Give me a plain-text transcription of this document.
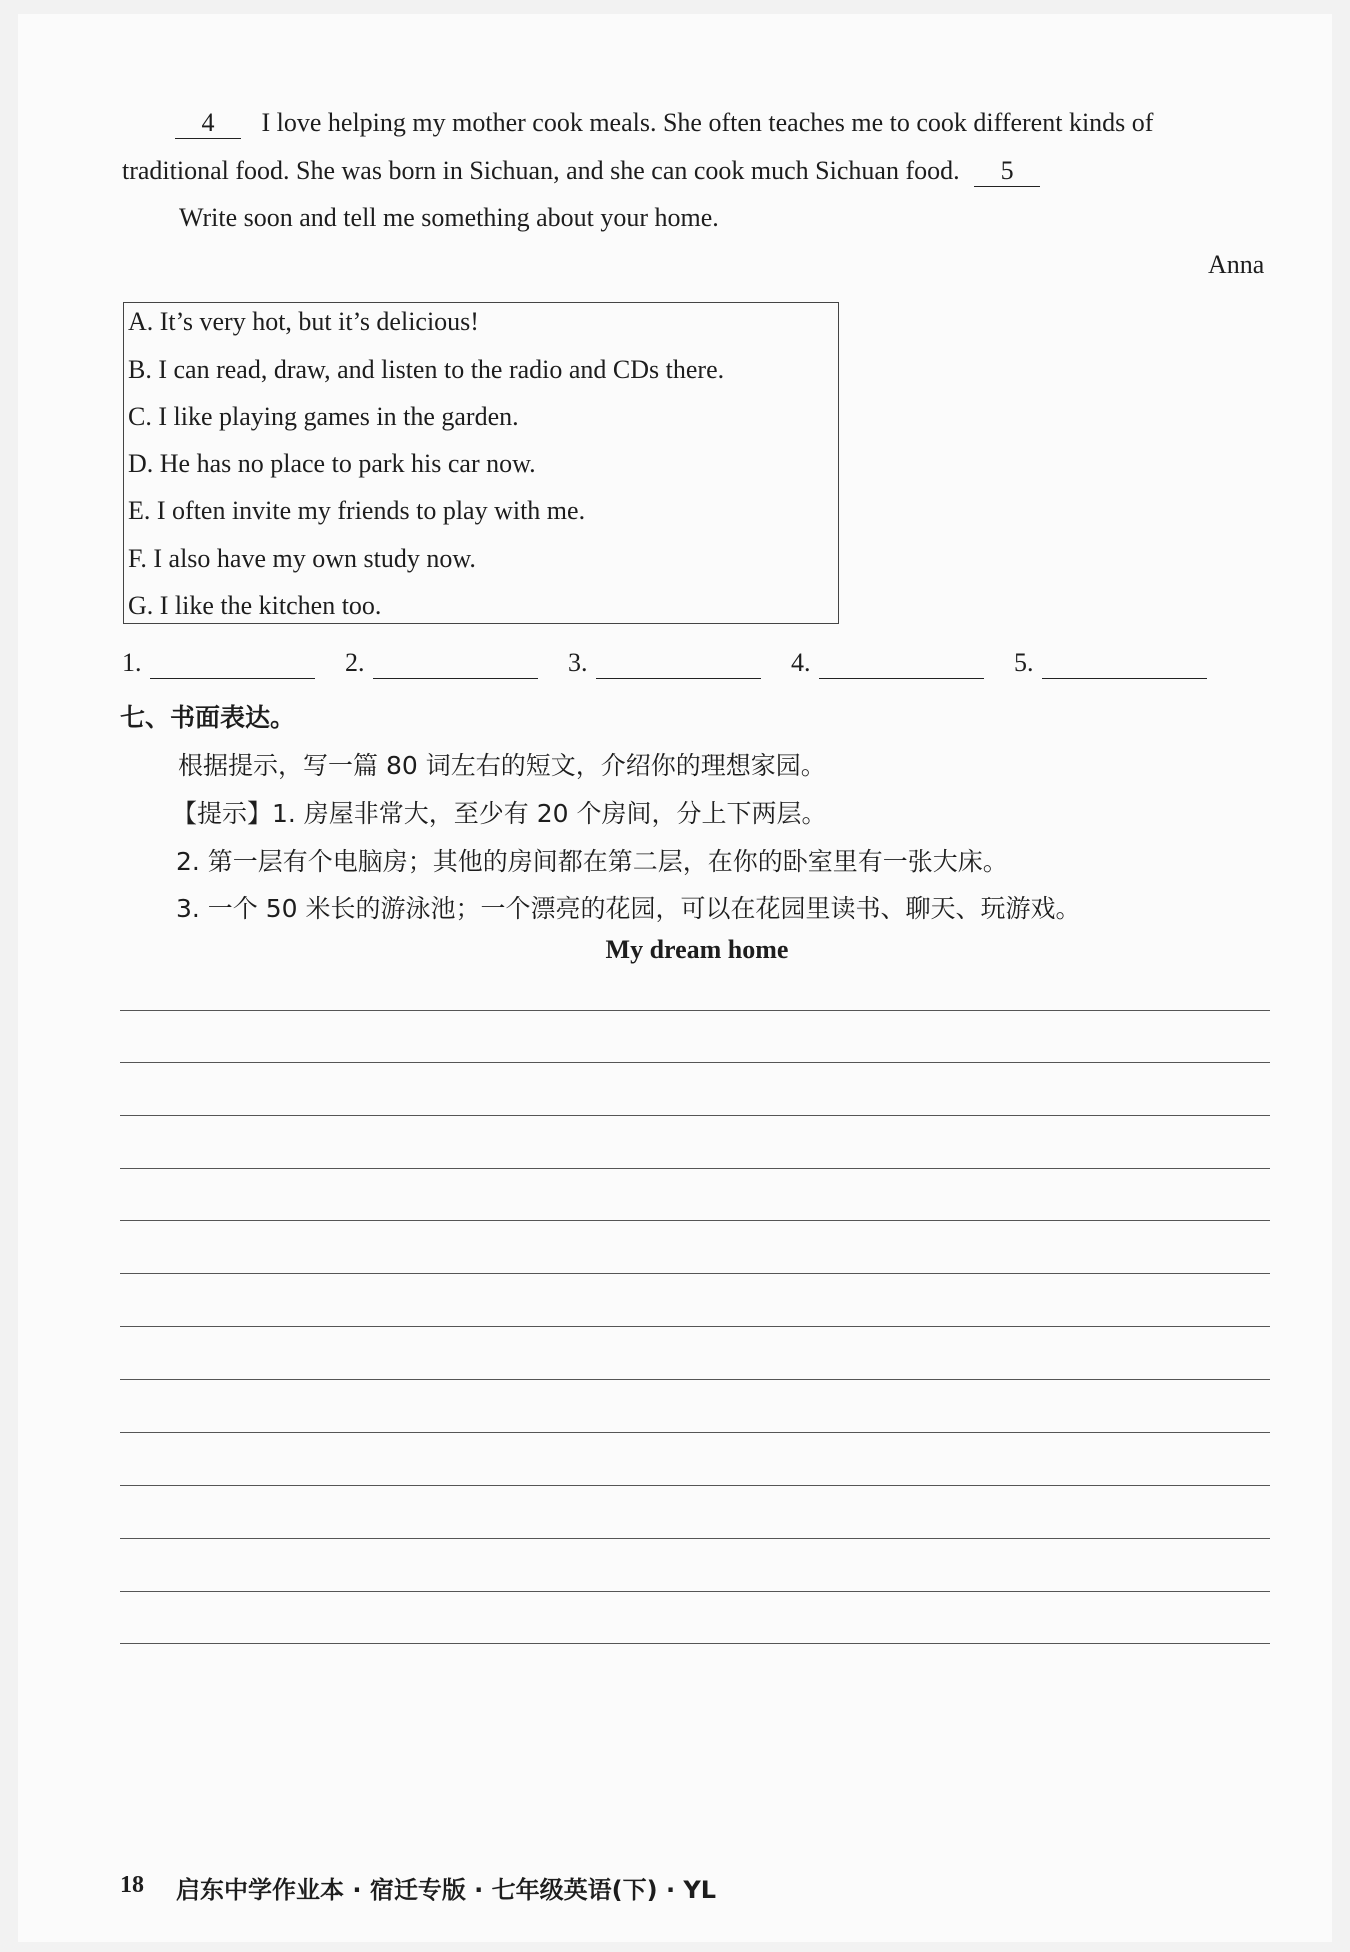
4 I love helping my mother cook meals. She often teaches me to cook different kinds of
traditional food. She was born in Sichuan, and she can cook much Sichuan food. 5
Write soon and tell me something about your home.
Anna
A. It’s very hot, but it’s delicious!
B. I can read, draw, and listen to the radio and CDs there.
C. I like playing games in the garden.
D. He has no place to park his car now.
E. I often invite my friends to play with me.
F. I also have my own study now.
G. I like the kitchen too.
1.	2.	3.	4.	5.
七、书面表达。
根据提示，写一篇 80 词左右的短文，介绍你的理想家园。
【提示】1. 房屋非常大，至少有 20 个房间，分上下两层。
2. 第一层有个电脑房；其他的房间都在第二层，在你的卧室里有一张大床。
3. 一个 50 米长的游泳池；一个漂亮的花园，可以在花园里读书、聊天、玩游戏。
My dream home
18 启东中学作业本 · 宿迁专版 · 七年级英语(下) · YL
